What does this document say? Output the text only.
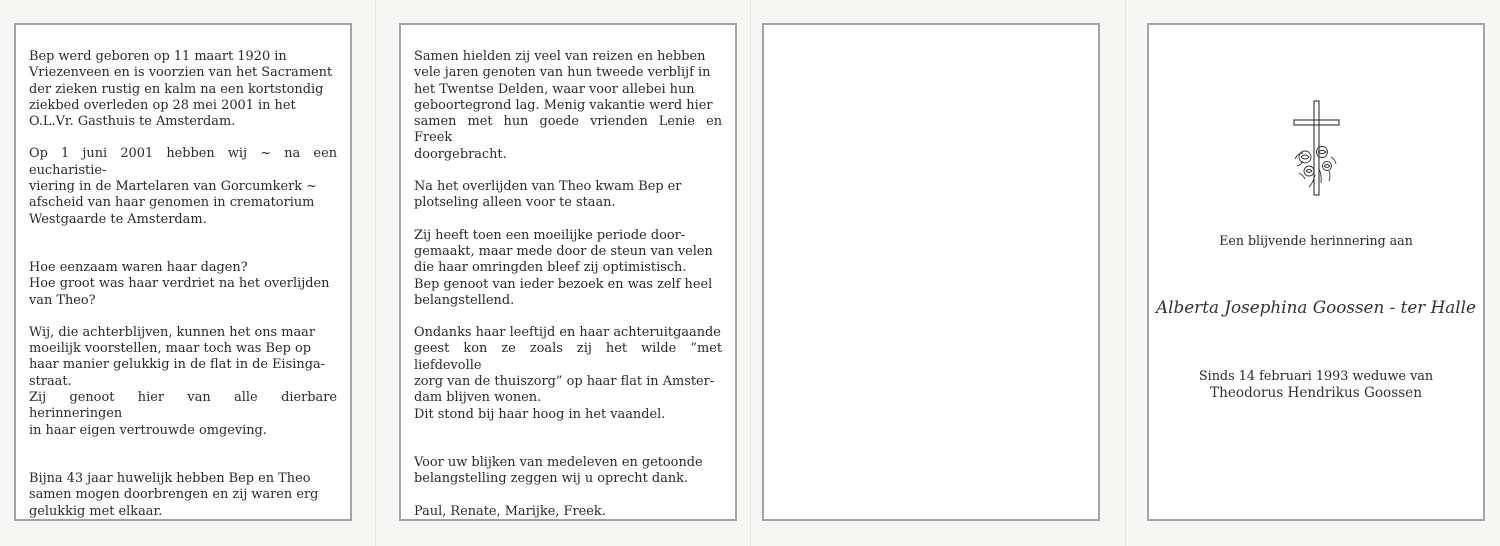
Bep werd geboren op 11 maart 1920 in
Vriezenveen en is voorzien van het Sacrament
der zieken rustig en kalm na een kortstondig
ziekbed overleden op 28 mei 2001 in het
O.L.Vr. Gasthuis te Amsterdam.

Op 1 juni 2001 hebben wij ~ na een eucharistie-
viering in de Martelaren van Gorcumkerk ~
afscheid van haar genomen in crematorium
Westgaarde te Amsterdam.

Hoe eenzaam waren haar dagen?
Hoe groot was haar verdriet na het overlijden
van Theo?

Wij, die achterblijven, kunnen het ons maar
moeilijk voorstellen, maar toch was Bep op
haar manier gelukkig in de flat in de Eisinga-
straat.
Zij genoot hier van alle dierbare herinneringen
in haar eigen vertrouwde omgeving.

Bijna 43 jaar huwelijk hebben Bep en Theo
samen mogen doorbrengen en zij waren erg
gelukkig met elkaar.

Samen hielden zij veel van reizen en hebben
vele jaren genoten van hun tweede verblijf in
het Twentse Delden, waar voor allebei hun
geboortegrond lag. Menig vakantie werd hier
samen met hun goede vrienden Lenie en Freek
doorgebracht.

Na het overlijden van Theo kwam Bep er
plotseling alleen voor te staan.

Zij heeft toen een moeilijke periode door-
gemaakt, maar mede door de steun van velen
die haar omringden bleef zij optimistisch.
Bep genoot van ieder bezoek en was zelf heel
belangstellend.

Ondanks haar leeftijd en haar achteruitgaande
geest kon ze zoals zij het wilde ”met liefdevolle
zorg van de thuiszorg” op haar flat in Amster-
dam blijven wonen.
Dit stond bij haar hoog in het vaandel.

Voor uw blijken van medeleven en getoonde
belangstelling zeggen wij u oprecht dank.

Paul, Renate, Marijke, Freek.

Een blijvende herinnering aan

Alberta Josephina Goossen - ter Halle

Sinds 14 februari 1993 weduwe van

Theodorus Hendrikus Goossen
